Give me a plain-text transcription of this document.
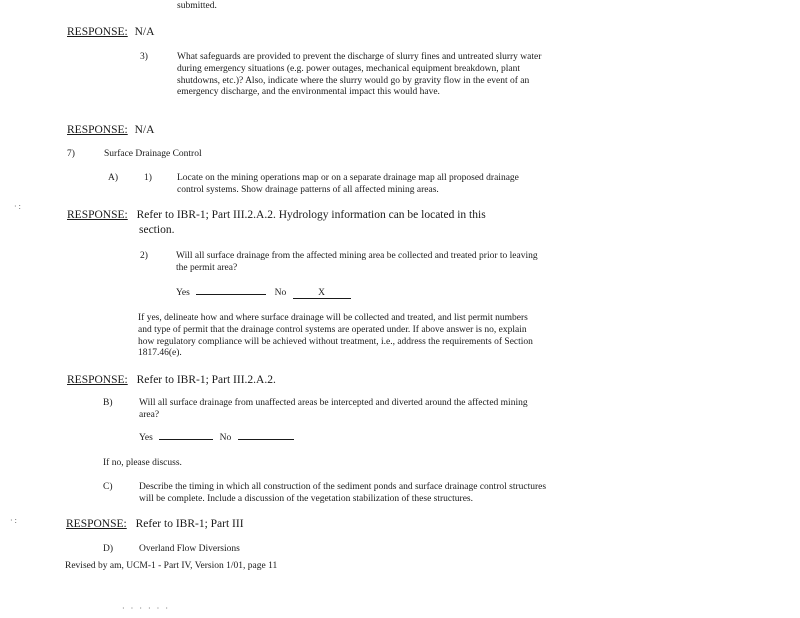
submitted.
RESPONSE: N/A
3)	What safeguards are provided to prevent the discharge of slurry fines and untreated slurry water during emergency situations (e.g. power outages, mechanical equipment breakdown, plant shutdowns, etc.)? Also, indicate where the slurry would go by gravity flow in the event of an emergency discharge, and the environmental impact this would have.
RESPONSE: N/A
7)	Surface Drainage Control
A)	1)	Locate on the mining operations map or on a separate drainage map all proposed drainage control systems. Show drainage patterns of all affected mining areas.
RESPONSE: Refer to IBR-1; Part III.2.A.2. Hydrology information can be located in this
section.
2)	Will all surface drainage from the affected mining area be collected and treated prior to leaving the permit area?
Yes	No	X
If yes, delineate how and where surface drainage will be collected and treated, and list permit numbers and type of permit that the drainage control systems are operated under. If above answer is no, explain how regulatory compliance will be achieved without treatment, i.e., address the requirements of Section 1817.46(e).
RESPONSE: Refer to IBR-1; Part III.2.A.2.
B)	Will all surface drainage from unaffected areas be intercepted and diverted around the affected mining area?
Yes	No
If no, please discuss.
C)	Describe the timing in which all construction of the sediment ponds and surface drainage control structures will be complete. Include a discussion of the vegetation stabilization of these structures.
RESPONSE: Refer to IBR-1; Part III
D)	Overland Flow Diversions
Revised by am, UCM-1 - Part IV, Version 1/01, page 11
·:
·:
· · · · · ·
